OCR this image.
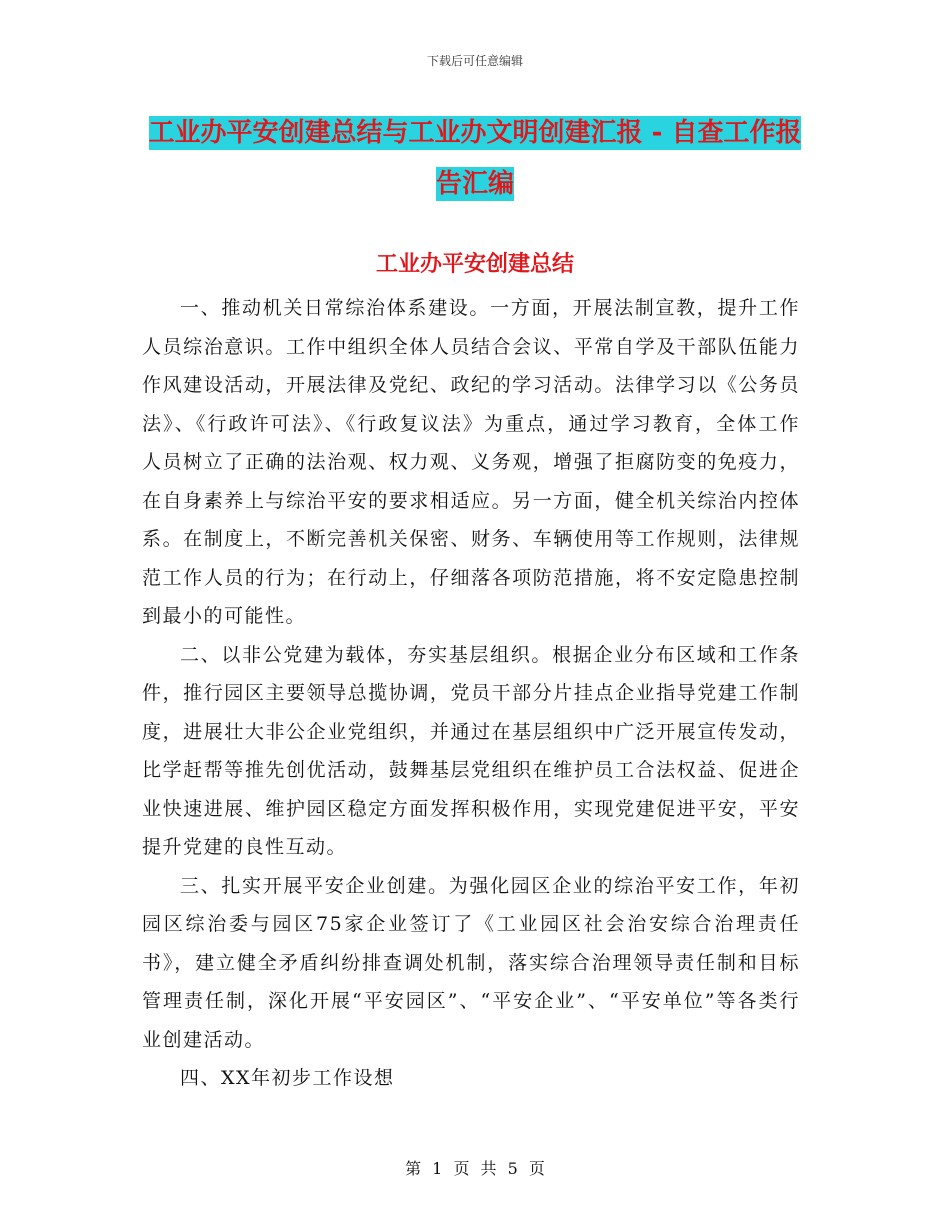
下载后可任意编辑
工业办平安创建总结与工业办文明创建汇报 - 自查工作报告汇编
工业办平安创建总结

一、推动机关日常综治体系建设。一方面，开展法制宣教，提升工作人员综治意识。工作中组织全体人员结合会议、平常自学及干部队伍能力作风建设活动，开展法律及党纪、政纪的学习活动。法律学习以《公务员法》、《行政许可法》、《行政复议法》为重点，通过学习教育，全体工作人员树立了正确的法治观、权力观、义务观，增强了拒腐防变的免疫力，在自身素养上与综治平安的要求相适应。另一方面，健全机关综治内控体系。在制度上，不断完善机关保密、财务、车辆使用等工作规则，法律规范工作人员的行为；在行动上，仔细落各项防范措施，将不安定隐患控制到最小的可能性。

二、以非公党建为载体，夯实基层组织。根据企业分布区域和工作条件，推行园区主要领导总揽协调，党员干部分片挂点企业指导党建工作制度，进展壮大非公企业党组织，并通过在基层组织中广泛开展宣传发动，比学赶帮等推先创优活动，鼓舞基层党组织在维护员工合法权益、促进企业快速进展、维护园区稳定方面发挥积极作用，实现党建促进平安，平安提升党建的良性互动。

三、扎实开展平安企业创建。为强化园区企业的综治平安工作，年初园区综治委与园区75家企业签订了《工业园区社会治安综合治理责任书》，建立健全矛盾纠纷排查调处机制，落实综合治理领导责任制和目标管理责任制，深化开展“平安园区”、“平安企业”、“平安单位”等各类行业创建活动。

四、XX年初步工作设想

第 1 页 共 5 页
